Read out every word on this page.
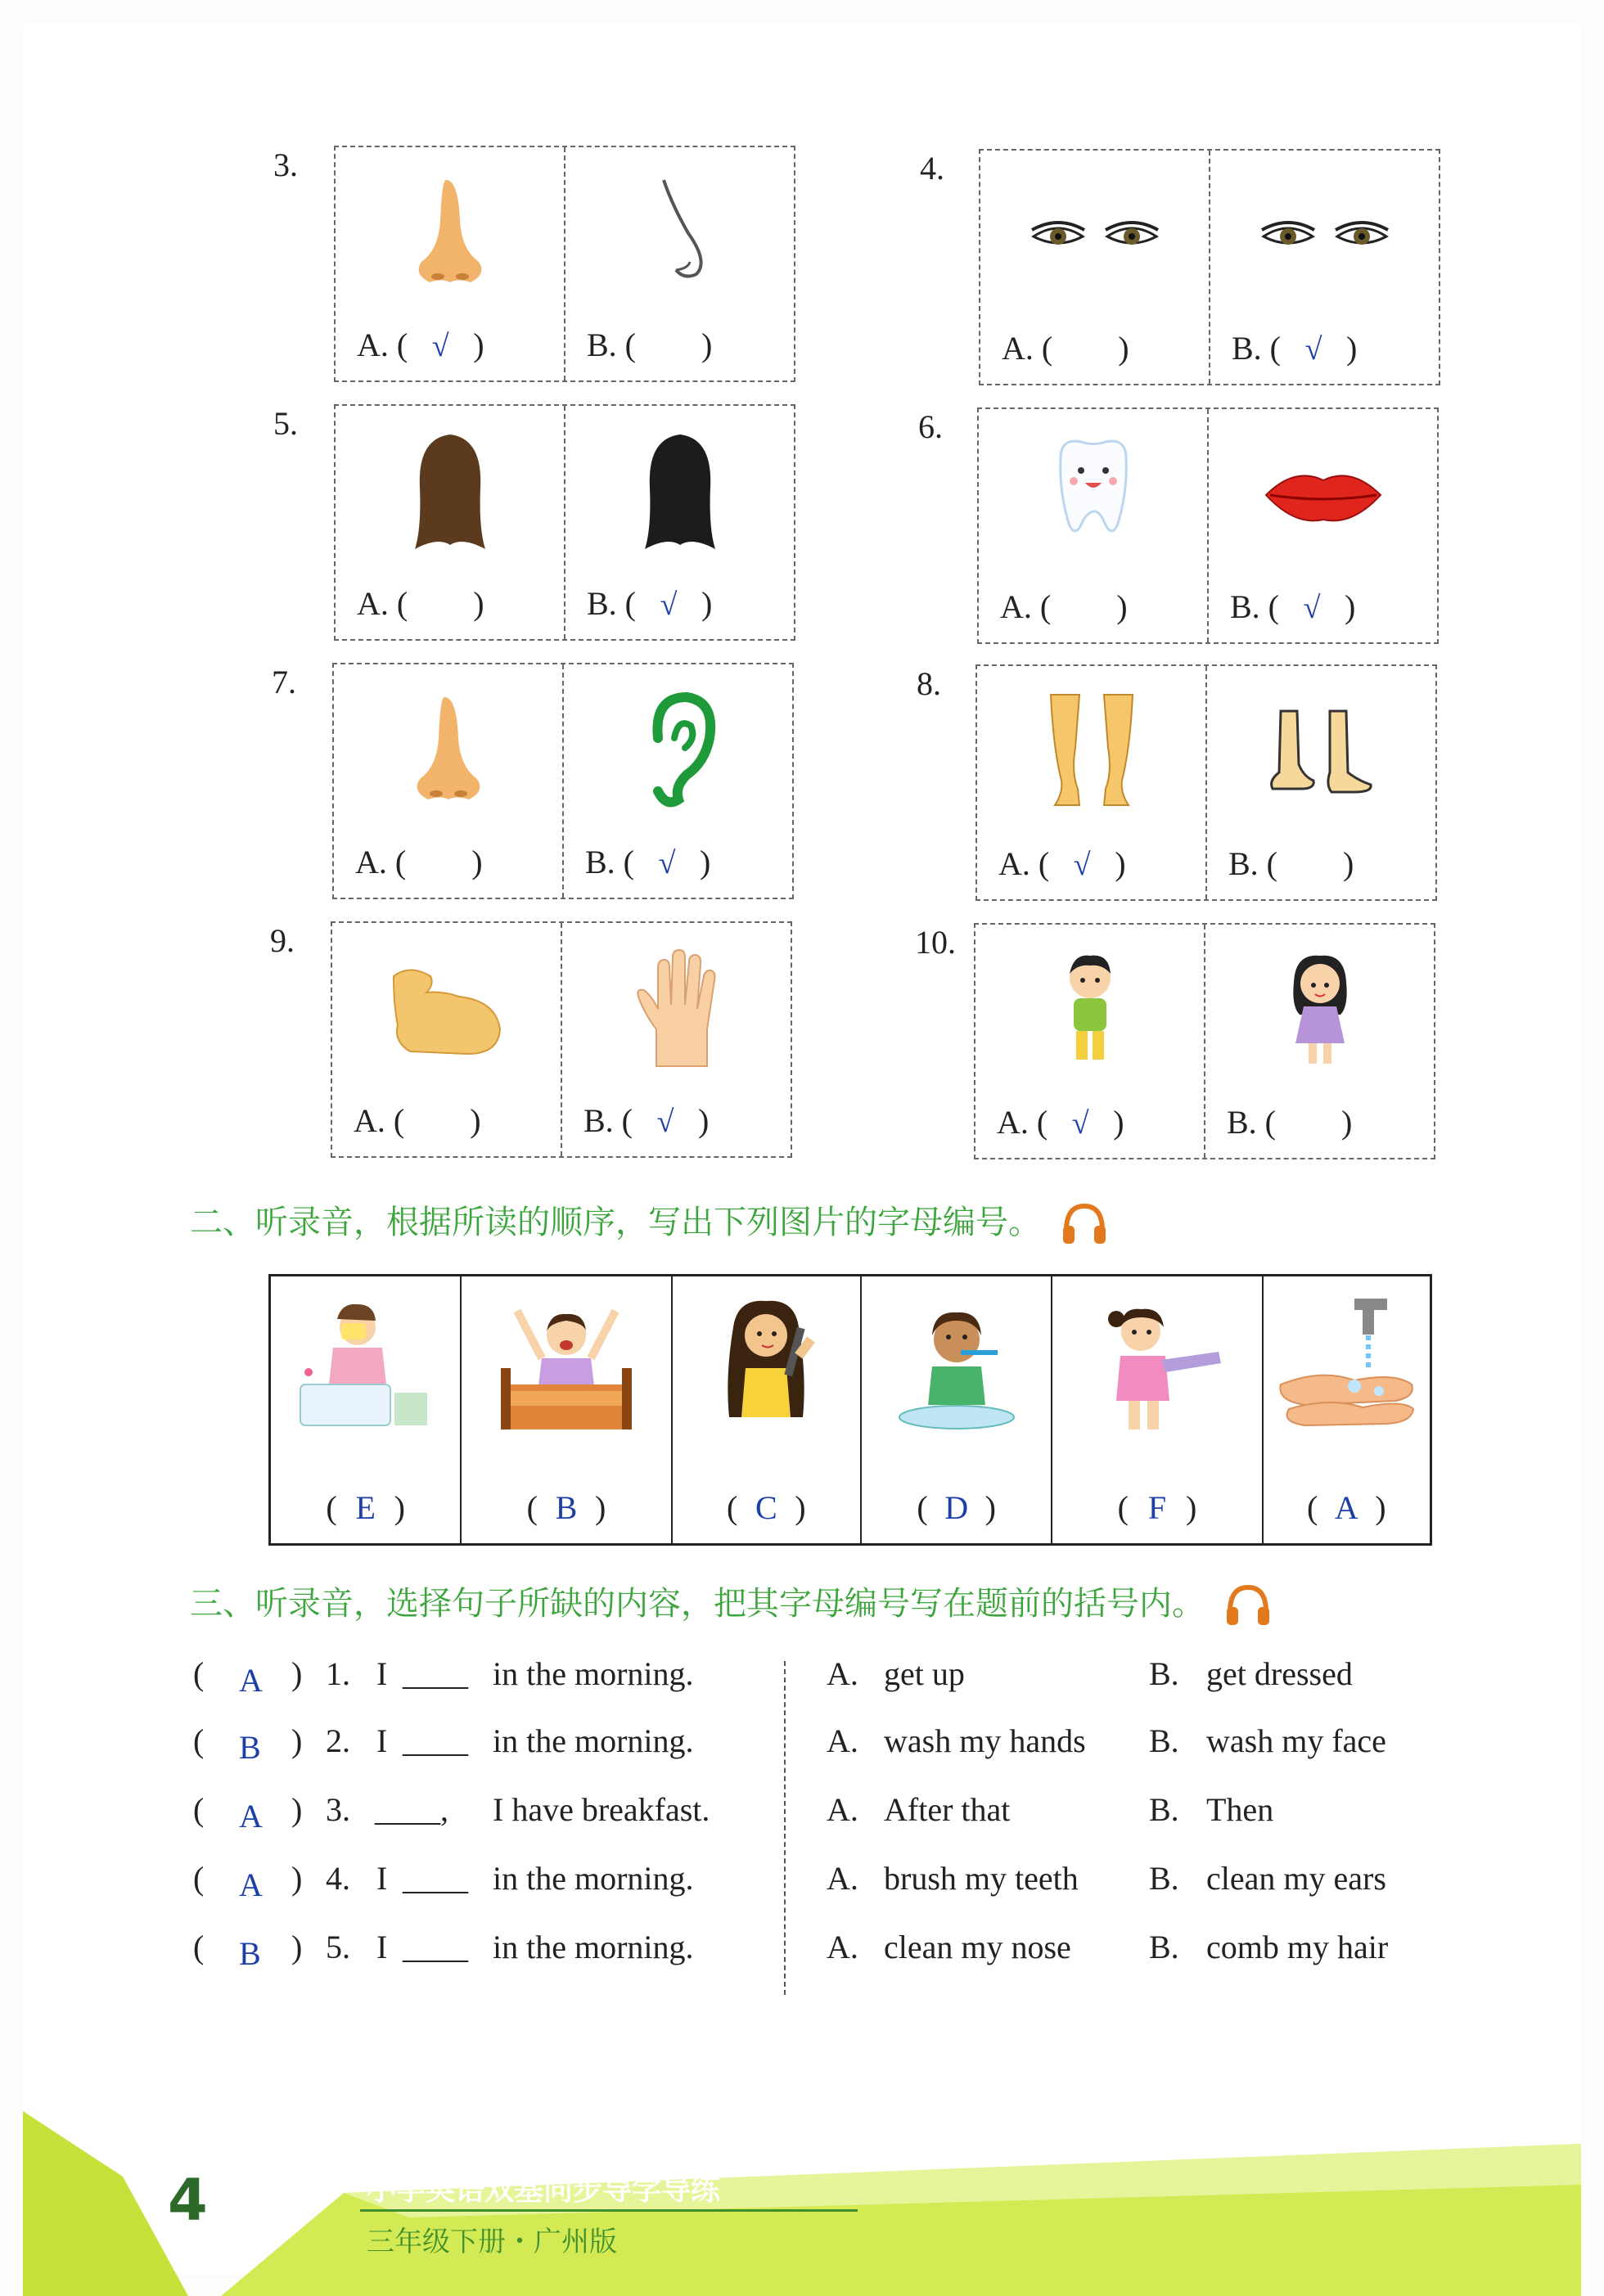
3.
A. ( √ )	B. (  )
4.
A. (  )	B. ( √ )
5.
A. (  )	B. ( √ )
6.
A. (  )	B. ( √ )
7.
A. (  )	B. ( √ )
8.
A. ( √ )	B. (  )
9.
A. (  )	B. ( √ )
10.
A. ( √ )	B. (  )
二、听录音，根据所读的顺序，写出下列图片的字母编号。
( E )	( B )	( C )	( D )	( F )	( A )
三、听录音，选择句子所缺的内容，把其字母编号写在题前的括号内。
( A ) 1. I ____ in the morning.	A. get up	B. get dressed
( B ) 2. I ____ in the morning.	A. wash my hands B. wash my face
( A ) 3. ____, I have breakfast.	A. After that	B. Then
( A ) 4. I ____ in the morning.	A. brush my teeth B. clean my ears
( B ) 5. I ____ in the morning.	A. clean my nose B. comb my hair
4	小学英语双基同步导学导练
三年级下册・广州版
